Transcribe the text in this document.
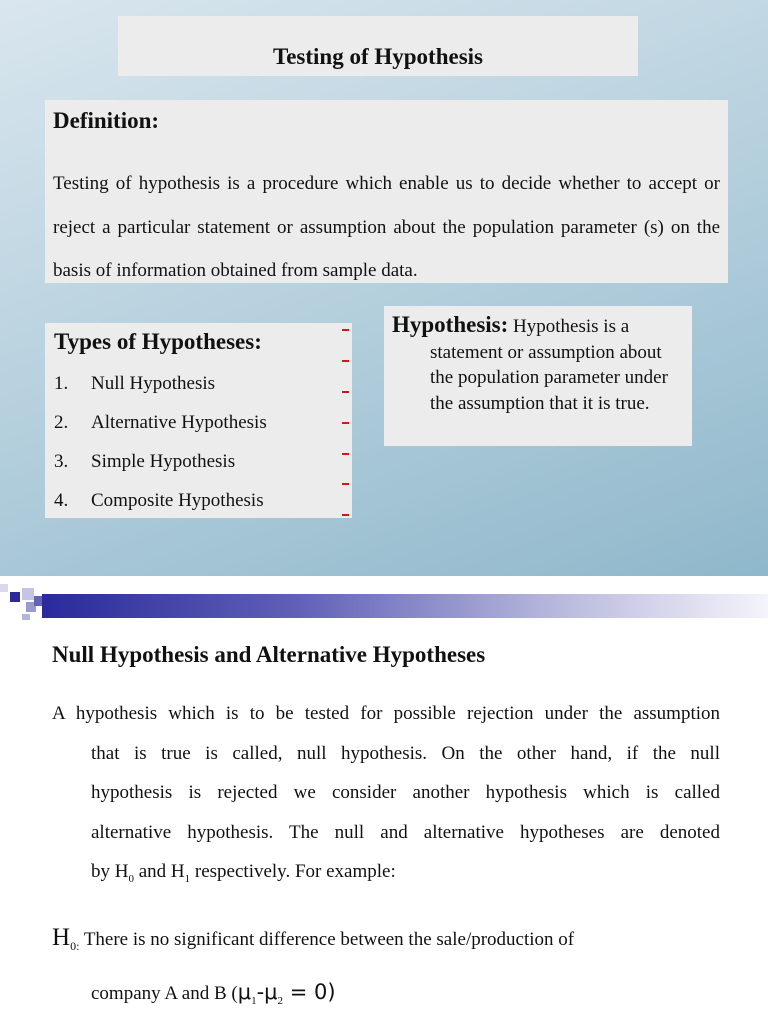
Testing of Hypothesis
Definition:
Testing of hypothesis is a procedure which enable us to decide whether to accept or reject a particular statement or assumption about the population parameter (s) on the basis of information obtained from sample data.
Types of Hypotheses:
1.	Null Hypothesis
2.	Alternative Hypothesis
3.	Simple Hypothesis
4.	Composite Hypothesis
Hypothesis: Hypothesis is a
statement or assumption about the population parameter under the assumption that it is true.
Null Hypothesis and Alternative Hypotheses
A hypothesis which is to be tested for possible rejection under the assumption
that is true is called, null hypothesis. On the other hand, if the null
hypothesis is rejected we consider another hypothesis which is called
alternative hypothesis. The null and alternative hypotheses are denoted
by $H_0$ and $H_1$ respectively. For example:
$H_{0:}$ There is no significant difference between the sale/production of
company A and B $(\mu_1-\mu_2 = 0)$
